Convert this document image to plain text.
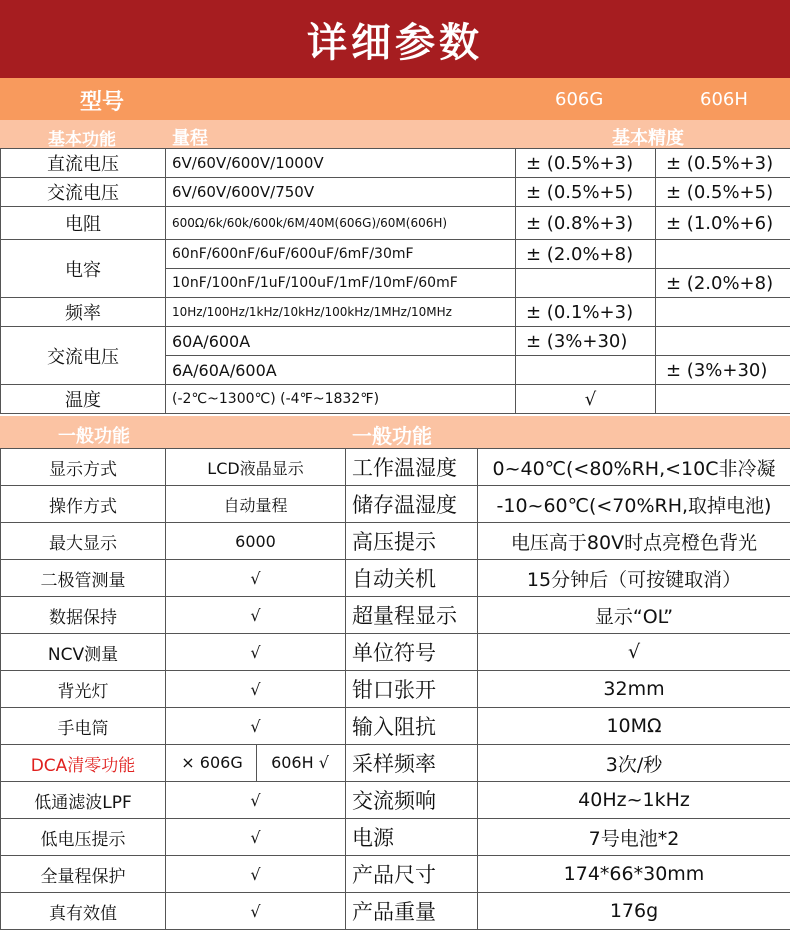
详细参数
型号	606G	606H
基本功能	量程	基本精度
直流电压	6V/60V/600V/1000V	± (0.5%+3)	± (0.5%+3)
交流电压	6V/60V/600V/750V	± (0.5%+5)	± (0.5%+5)
电阻	600Ω/6k/60k/600k/6M/40M(606G)/60M(606H)	± (0.8%+3)	± (1.0%+6)
电容	60nF/600nF/6uF/600uF/6mF/30mF	± (2.0%+8)	
	10nF/100nF/1uF/100uF/1mF/10mF/60mF		± (2.0%+8)
频率	10Hz/100Hz/1kHz/10kHz/100kHz/1MHz/10MHz	± (0.1%+3)	
交流电压	60A/600A	± (3%+30)	
	6A/60A/600A		± (3%+30)
温度	(-2℃~1300℃) (-4℉~1832℉)	√	
一般功能	一般功能
显示方式	LCD液晶显示	工作温湿度	0~40℃(<80%RH,<10C非冷凝
操作方式	自动量程	储存温湿度	-10~60℃(<70%RH,取掉电池)
最大显示	6000	高压提示	电压高于80V时点亮橙色背光
二极管测量	√	自动关机	15分钟后（可按键取消）
数据保持	√	超量程显示	显示“OL”
NCV测量	√	单位符号	√
背光灯	√	钳口张开	32mm
手电筒	√	输入阻抗	10MΩ
DCA清零功能	× 606G 606H √	采样频率	3次/秒
低通滤波LPF	√	交流频响	40Hz~1kHz
低电压提示	√	电源	7号电池*2
全量程保护	√	产品尺寸	174*66*30mm
真有效值	√	产品重量	176g
